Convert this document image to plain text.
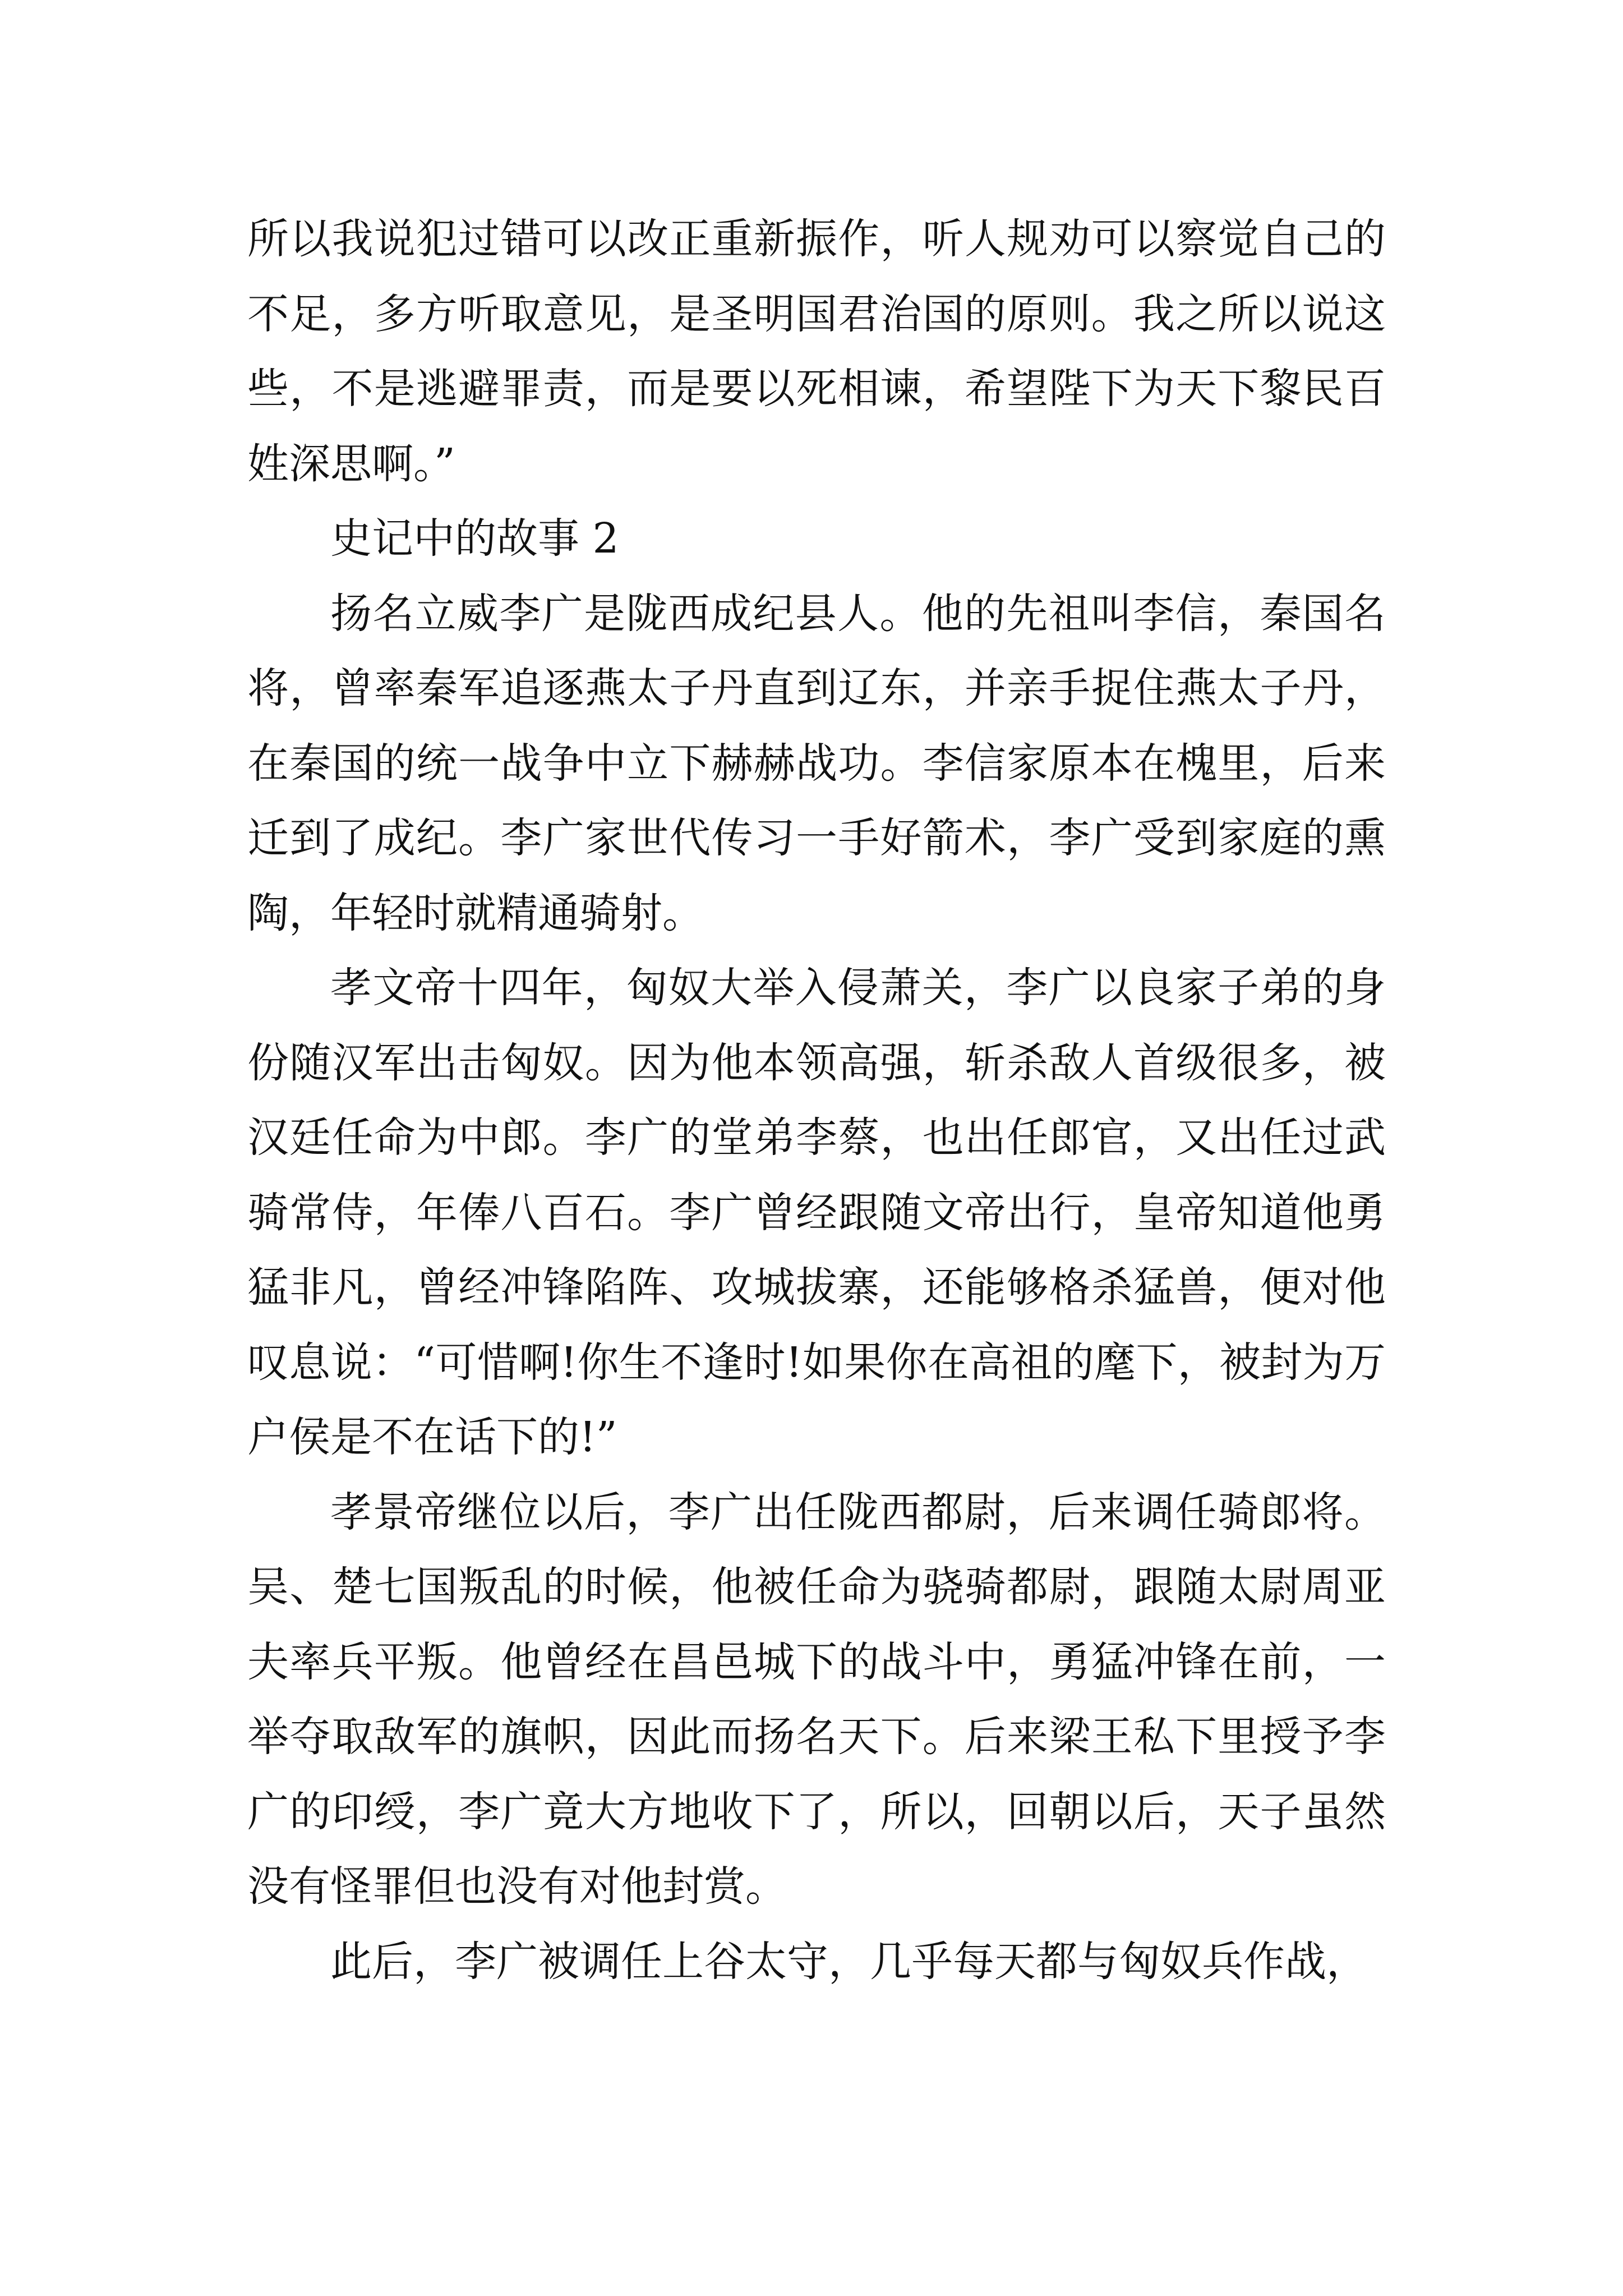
所以我说犯过错可以改正重新振作，听人规劝可以察觉自己的不足，多方听取意见，是圣明国君治国的原则。我之所以说这些，不是逃避罪责，而是要以死相谏，希望陛下为天下黎民百姓深思啊。”

史记中的故事 2

扬名立威李广是陇西成纪县人。他的先祖叫李信，秦国名将，曾率秦军追逐燕太子丹直到辽东，并亲手捉住燕太子丹，在秦国的统一战争中立下赫赫战功。李信家原本在槐里，后来迁到了成纪。李广家世代传习一手好箭术，李广受到家庭的熏陶，年轻时就精通骑射。

孝文帝十四年，匈奴大举入侵萧关，李广以良家子弟的身份随汉军出击匈奴。因为他本领高强，斩杀敌人首级很多，被汉廷任命为中郎。李广的堂弟李蔡，也出任郎官，又出任过武骑常侍，年俸八百石。李广曾经跟随文帝出行，皇帝知道他勇猛非凡，曾经冲锋陷阵、攻城拔寨，还能够格杀猛兽，便对他叹息说：“可惜啊!你生不逢时!如果你在高祖的麾下，被封为万户侯是不在话下的!”

孝景帝继位以后，李广出任陇西都尉，后来调任骑郎将。吴、楚七国叛乱的时候，他被任命为骁骑都尉，跟随太尉周亚夫率兵平叛。他曾经在昌邑城下的战斗中，勇猛冲锋在前，一举夺取敌军的旗帜，因此而扬名天下。后来梁王私下里授予李广的印绶，李广竟大方地收下了，所以，回朝以后，天子虽然没有怪罪但也没有对他封赏。

此后，李广被调任上谷太守，几乎每天都与匈奴兵作战，
